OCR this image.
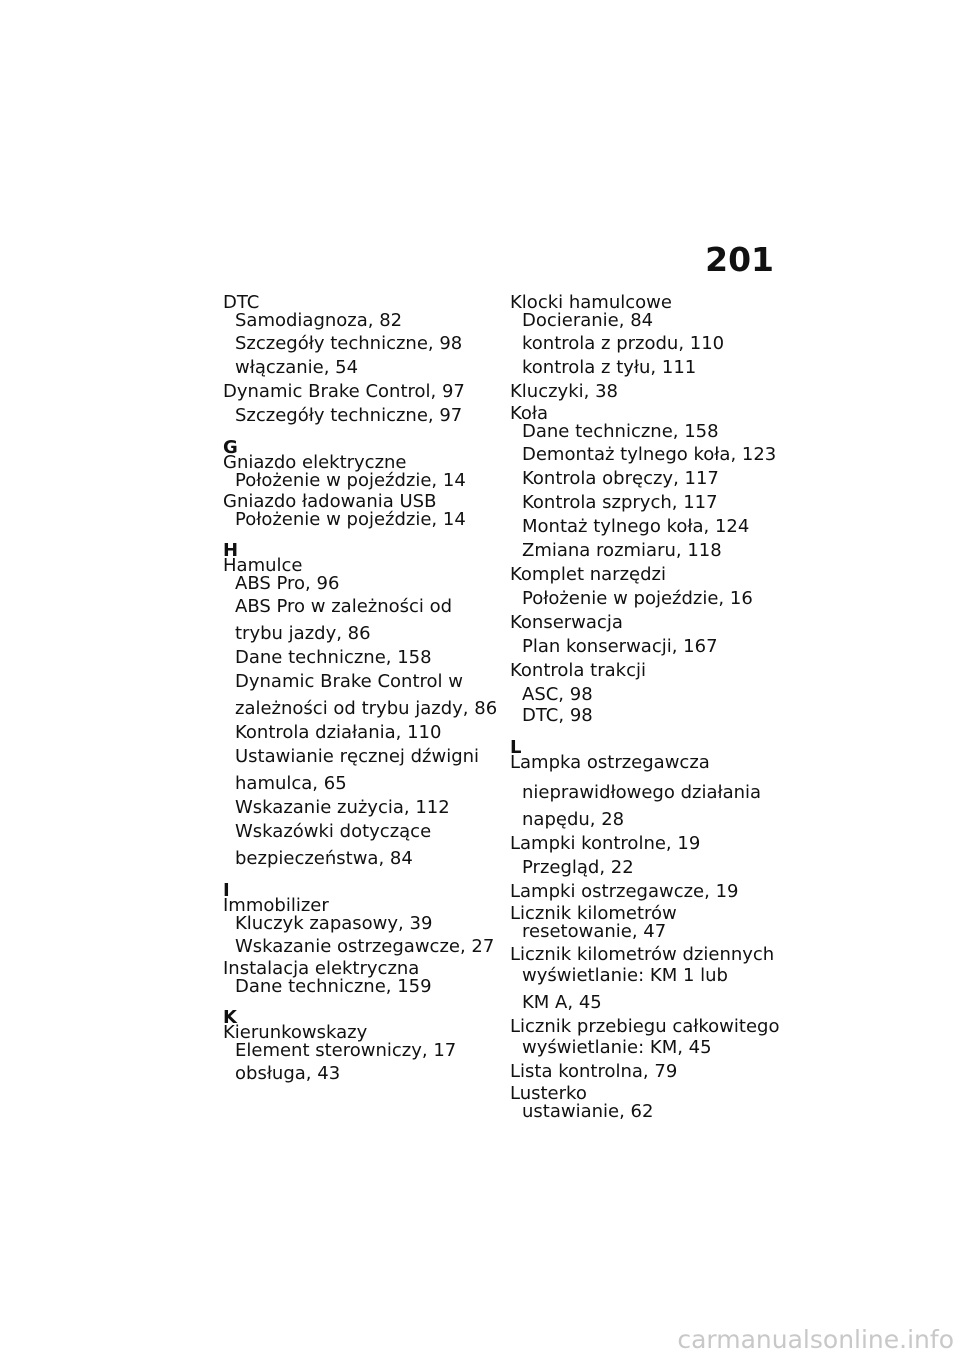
201
DTC
Samodiagnoza, 82
Szczegóły techniczne, 98
włączanie, 54
Dynamic Brake Control, 97
Szczegóły techniczne, 97
G
Gniazdo elektryczne
Położenie w pojeździe, 14
Gniazdo ładowania USB
Położenie w pojeździe, 14
H
Hamulce
ABS Pro, 96
ABS Pro w zależności od
trybu jazdy, 86
Dane techniczne, 158
Dynamic Brake Control w
zależności od trybu jazdy, 86
Kontrola działania, 110
Ustawianie ręcznej dźwigni
hamulca, 65
Wskazanie zużycia, 112
Wskazówki dotyczące
bezpieczeństwa, 84
I
Immobilizer
Kluczyk zapasowy, 39
Wskazanie ostrzegawcze, 27
Instalacja elektryczna
Dane techniczne, 159
K
Kierunkowskazy
Element sterowniczy, 17
obsługa, 43
Klocki hamulcowe
Docieranie, 84
kontrola z przodu, 110
kontrola z tyłu, 111
Kluczyki, 38
Koła
Dane techniczne, 158
Demontaż tylnego koła, 123
Kontrola obręczy, 117
Kontrola szprych, 117
Montaż tylnego koła, 124
Zmiana rozmiaru, 118
Komplet narzędzi
Położenie w pojeździe, 16
Konserwacja
Plan konserwacji, 167
Kontrola trakcji
ASC, 98
DTC, 98
L
Lampka ostrzegawcza
nieprawidłowego działania
napędu, 28
Lampki kontrolne, 19
Przegląd, 22
Lampki ostrzegawcze, 19
Licznik kilometrów
resetowanie, 47
Licznik kilometrów dziennych
wyświetlanie: KM 1 lub
KM A, 45
Licznik przebiegu całkowitego
wyświetlanie: KM, 45
Lista kontrolna, 79
Lusterko
ustawianie, 62
carmanualsonline.info
